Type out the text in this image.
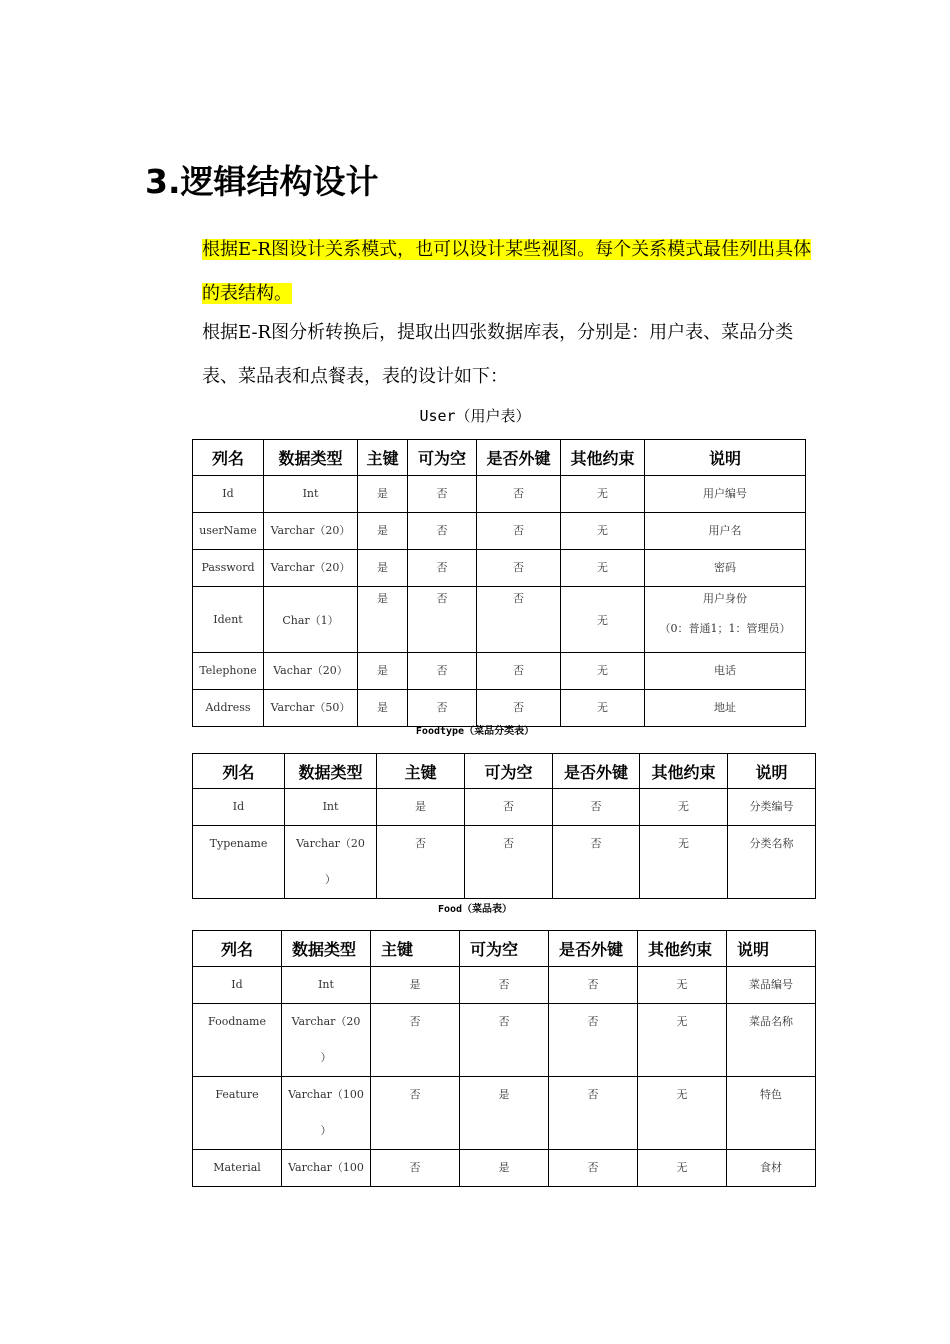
3.逻辑结构设计

根据E-R图设计关系模式，也可以设计某些视图。每个关系模式最佳列出具体的表结构。

根据E-R图分析转换后，提取出四张数据库表，分别是：用户表、菜品分类表、菜品表和点餐表，表的设计如下：

User（用户表）

列名	数据类型	主键	可为空	是否外键	其他约束	说明

Id	Int	是	否	否	无	用户编号

userName	Varchar（20）	是	否	否	无	用户名

Password	Varchar（20）	是	否	否	无	密码

Ident	Char（1）	是	否	否	无	用户身份
（0：普通1；1：管理员）

Telephone	Vachar（20）	是	否	否	无	电话

Address	Varchar（50）	是	否	否	无	地址

Foodtype（菜品分类表）

列名	数据类型	主键	可为空	是否外键	其他约束	说明

Id	Int	是	否	否	无	分类编号

Typename	Varchar（20
）	否	否	否	无	分类名称

Food（菜品表）

列名	数据类型	主键	可为空	是否外键	其他约束	说明

Id	Int	是	否	否	无	菜品编号

Foodname	Varchar（20
）	否	否	否	无	菜品名称

Feature	Varchar（100
）	否	是	否	无	特色

Material	Varchar（100	否	是	否	无	食材
